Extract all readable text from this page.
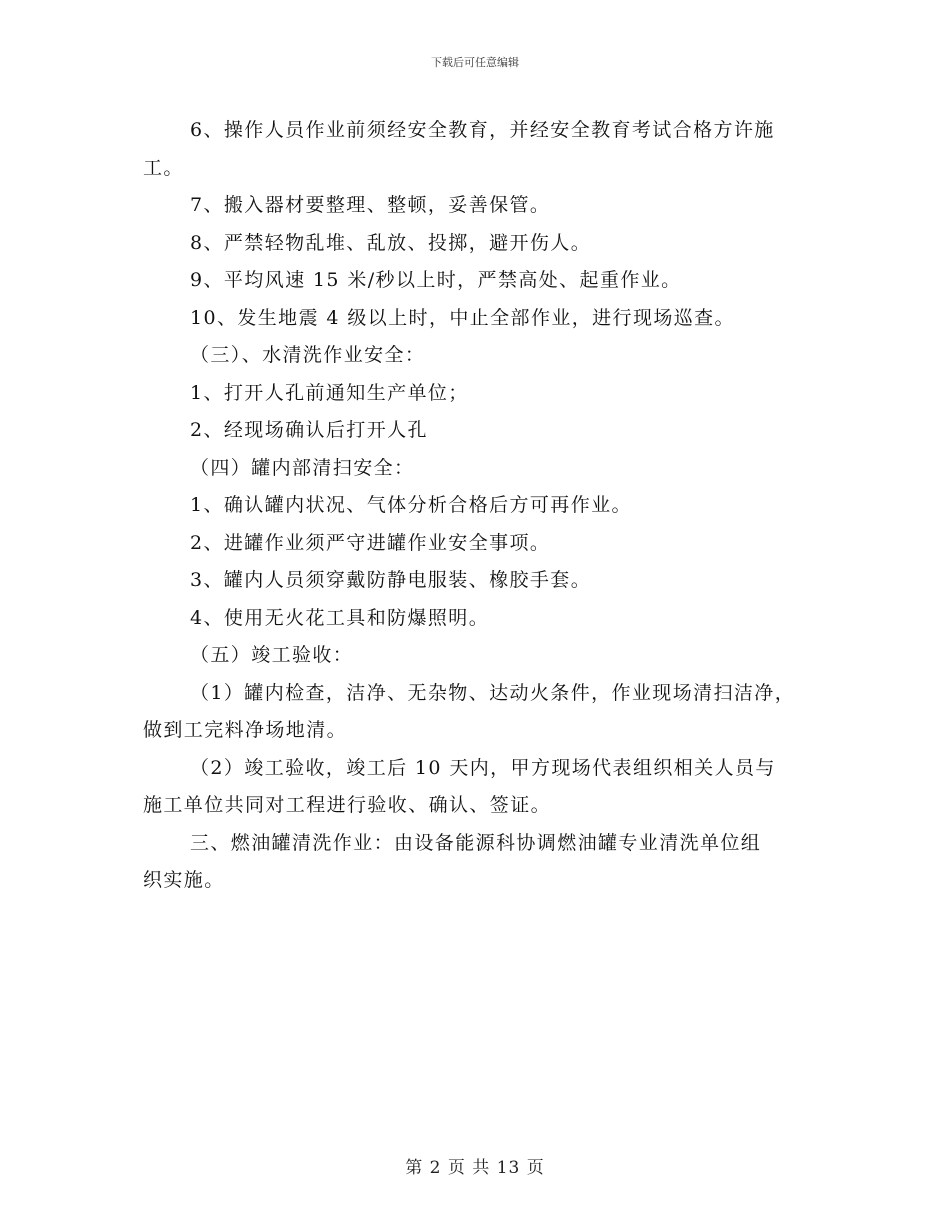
下载后可任意编辑
6、操作人员作业前须经安全教育，并经安全教育考试合格方许施
工。
7、搬入器材要整理、整顿，妥善保管。
8、严禁轻物乱堆、乱放、投掷，避开伤人。
9、平均风速 15 米/秒以上时，严禁高处、起重作业。
10、发生地震 4 级以上时，中止全部作业，进行现场巡查。
（三）、水清洗作业安全：
1、打开人孔前通知生产单位；
2、经现场确认后打开人孔
（四）罐内部清扫安全：
1、确认罐内状况、气体分析合格后方可再作业。
2、进罐作业须严守进罐作业安全事项。
3、罐内人员须穿戴防静电服装、橡胶手套。
4、使用无火花工具和防爆照明。
（五）竣工验收：
（1）罐内检查，洁净、无杂物、达动火条件，作业现场清扫洁净，
做到工完料净场地清。
（2）竣工验收，竣工后 10 天内，甲方现场代表组织相关人员与
施工单位共同对工程进行验收、确认、签证。
三、燃油罐清洗作业：由设备能源科协调燃油罐专业清洗单位组
织实施。
第 2 页 共 13 页
